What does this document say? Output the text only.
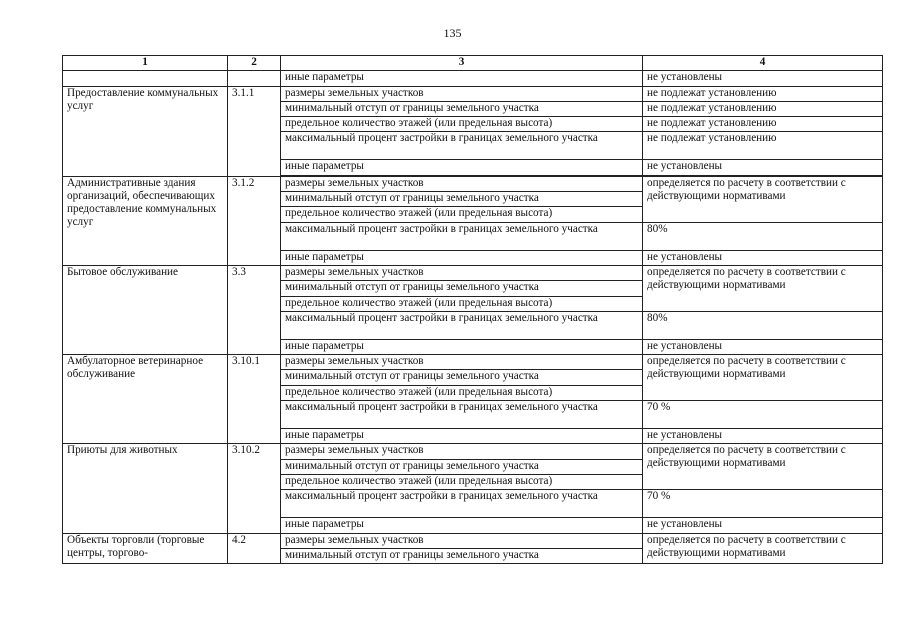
135
1	2	3	4
		иные параметры	не установлены
Предоставление коммунальных услуг	3.1.1	размеры земельных участков	не подлежат установлению
		минимальный отступ от границы земельного участка	не подлежат установлению
		предельное количество этажей (или предельная высота)	не подлежат установлению
		максимальный процент застройки в границах земельного участка	не подлежат установлению
		иные параметры	не установлены

Административные здания организаций, обеспечивающих предоставление коммунальных услуг	3.1.2	размеры земельных участков	определяется по расчету в соответствии с действующими нормативами
		минимальный отступ от границы земельного участка	
		предельное количество этажей (или предельная высота)	
		максимальный процент застройки в границах земельного участка	80%
		иные параметры	не установлены
Бытовое обслуживание	3.3	размеры земельных участков	определяется по расчету в соответствии с действующими нормативами
		минимальный отступ от границы земельного участка	
		предельное количество этажей (или предельная высота)	
		максимальный процент застройки в границах земельного участка	80%
		иные параметры	не установлены
Амбулаторное ветеринарное обслуживание	3.10.1	размеры земельных участков	определяется по расчету в соответствии с действующими нормативами
		минимальный отступ от границы земельного участка	
		предельное количество этажей (или предельная высота)	
		максимальный процент застройки в границах земельного участка	70 %
		иные параметры	не установлены
Приюты для животных	3.10.2	размеры земельных участков	определяется по расчету в соответствии с действующими нормативами
		минимальный отступ от границы земельного участка	
		предельное количество этажей (или предельная высота)	
		максимальный процент застройки в границах земельного участка	70 %
		иные параметры	не установлены
Объекты торговли (торговые центры, торгово-	4.2	размеры земельных участков	определяется по расчету в соответствии с действующими нормативами
		минимальный отступ от границы земельного участка	
